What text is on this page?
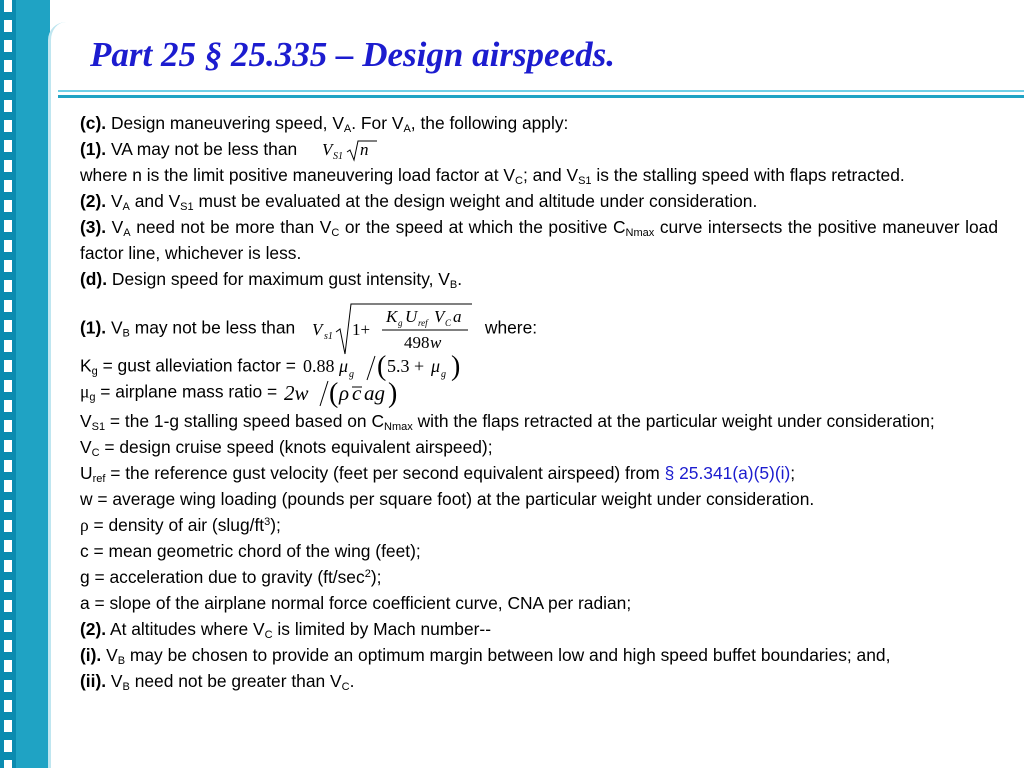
Part 25 § 25.335 – Design airspeeds.

(c). Design maneuvering speed, $V_A$. For $V_A$, the following apply:

(1). VA may not be less than V S1 n

where n is the limit positive maneuvering load factor at $V_C$; and $V_{S1}$ is the stalling speed with flaps retracted.

(2). $V_A$ and $V_{S1}$ must be evaluated at the design weight and altitude under consideration.

(3). $V_A$ need not be more than $V_C$ or the speed at which the positive $C_{Nmax}$ curve intersects the positive maneuver load factor line, whichever is less.

(d). Design speed for maximum gust intensity, $V_B$.

(1). $V_B$ may not be less than V s1 1+
K g U ref V C a
498 w
where:

$K_g$ = gust alleviation factor = 0.88 μ g ( 5.3 + μ g )

$\mu_g$ = airplane mass ratio = 2w ( ρ c ag )

$V_{S1}$ = the 1-g stalling speed based on $C_{Nmax}$ with the flaps retracted at the particular weight under consideration;

$V_C$ = design cruise speed (knots equivalent airspeed);

$U_{ref}$ = the reference gust velocity (feet per second equivalent airspeed) from § 25.341(a)(5)(i);

w = average wing loading (pounds per square foot) at the particular weight under consideration.

ρ = density of air $(slug/ft^3)$;

c = mean geometric chord of the wing (feet);

g = acceleration due to gravity $(ft/\sec^2)$;

a = slope of the airplane normal force coefficient curve, CNA per radian;

(2). At altitudes where $V_C$ is limited by Mach number--

(i). $V_B$ may be chosen to provide an optimum margin between low and high speed buffet boundaries; and,

(ii). $V_B$ need not be greater than $V_C$.
